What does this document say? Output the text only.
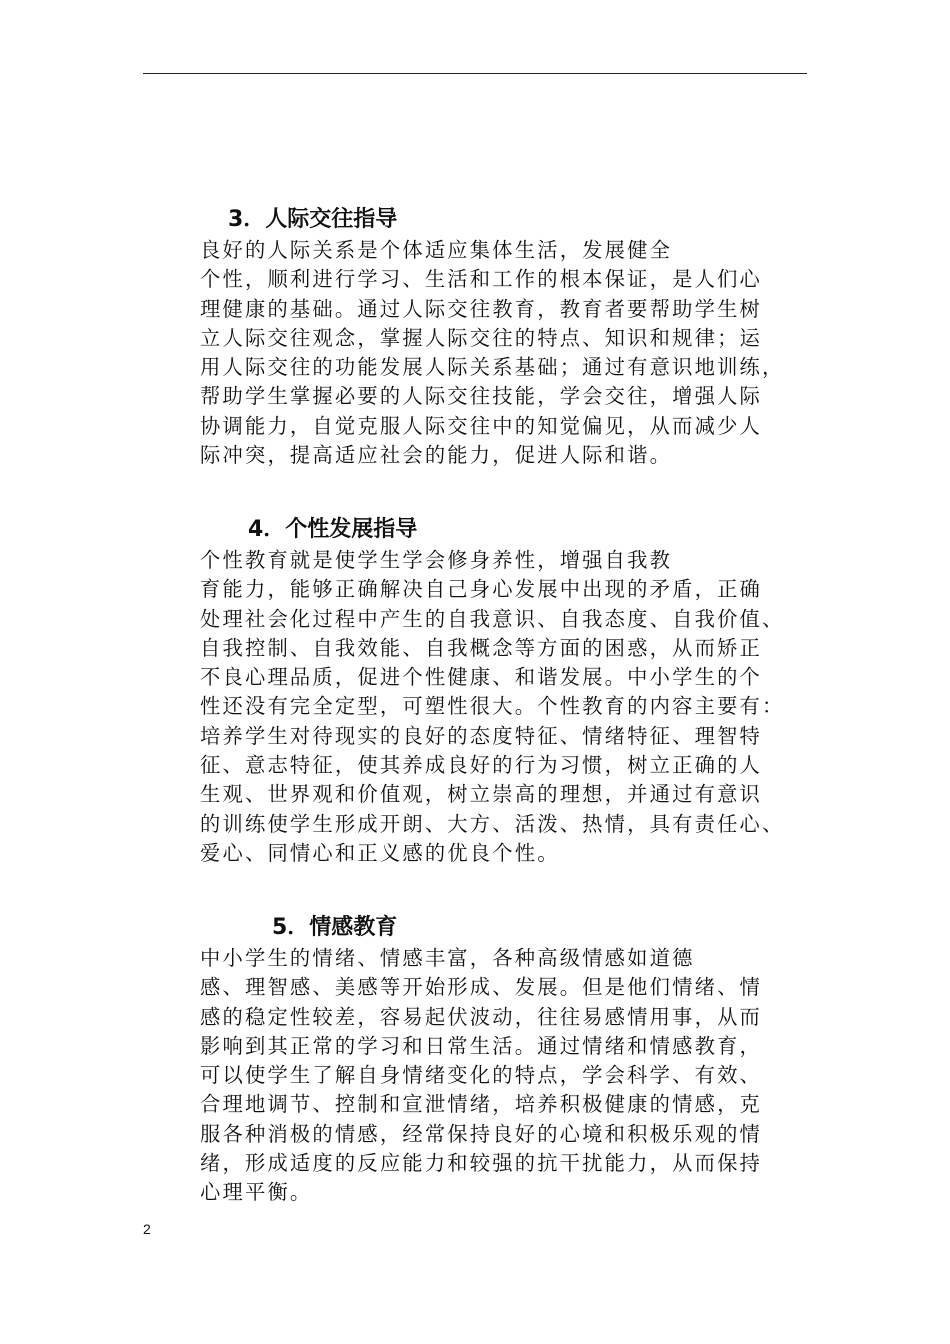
3．人际交往指导

良好的人际关系是个体适应集体生活，发展健全
个性，顺利进行学习、生活和工作的根本保证，是人们心
理健康的基础。通过人际交往教育，教育者要帮助学生树
立人际交往观念，掌握人际交往的特点、知识和规律；运
用人际交往的功能发展人际关系基础；通过有意识地训练，
帮助学生掌握必要的人际交往技能，学会交往，增强人际
协调能力，自觉克服人际交往中的知觉偏见，从而减少人
际冲突，提高适应社会的能力，促进人际和谐。

4．个性发展指导

个性教育就是使学生学会修身养性，增强自我教
育能力，能够正确解决自己身心发展中出现的矛盾，正确
处理社会化过程中产生的自我意识、自我态度、自我价值、
自我控制、自我效能、自我概念等方面的困惑，从而矫正
不良心理品质，促进个性健康、和谐发展。中小学生的个
性还没有完全定型，可塑性很大。个性教育的内容主要有：
培养学生对待现实的良好的态度特征、情绪特征、理智特
征、意志特征，使其养成良好的行为习惯，树立正确的人
生观、世界观和价值观，树立崇高的理想，并通过有意识
的训练使学生形成开朗、大方、活泼、热情，具有责任心、
爱心、同情心和正义感的优良个性。

5．情感教育

中小学生的情绪、情感丰富，各种高级情感如道德
感、理智感、美感等开始形成、发展。但是他们情绪、情
感的稳定性较差，容易起伏波动，往往易感情用事，从而
影响到其正常的学习和日常生活。通过情绪和情感教育，
可以使学生了解自身情绪变化的特点，学会科学、有效、
合理地调节、控制和宣泄情绪，培养积极健康的情感，克
服各种消极的情感，经常保持良好的心境和积极乐观的情
绪，形成适度的反应能力和较强的抗干扰能力，从而保持
心理平衡。

2
